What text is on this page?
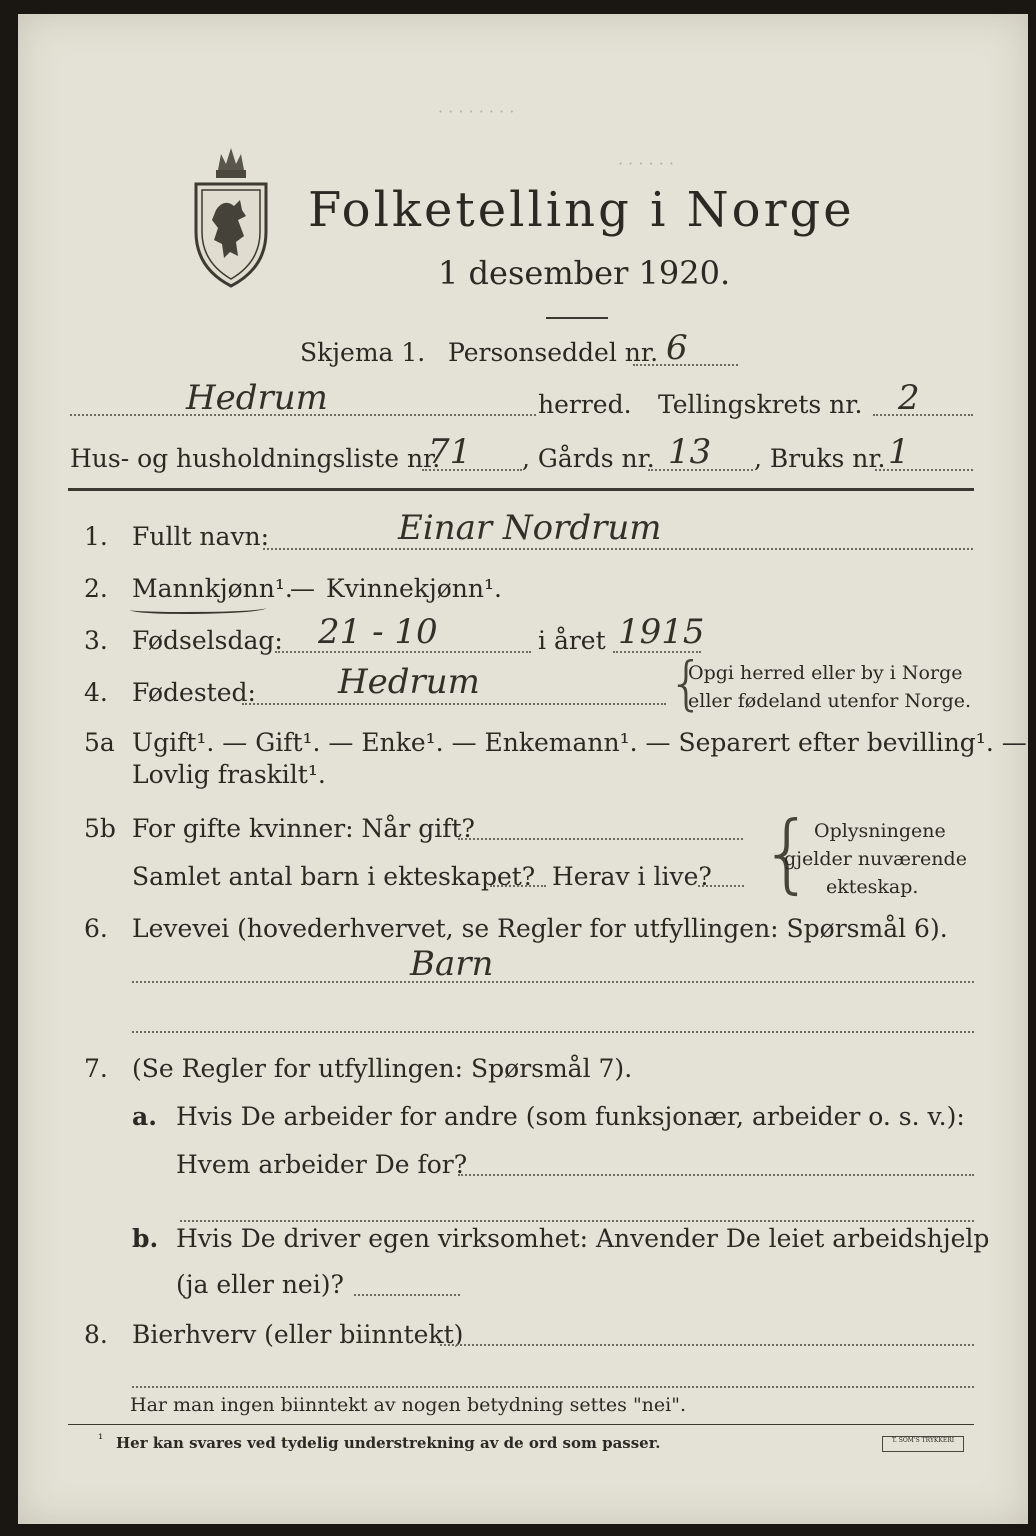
· · · · · · · ·
· · · · · ·
Folketelling i Norge
1 desember 1920.
Skjema 1. Personseddel nr. 6
Hedrum	herred. Tellingskrets nr. 2
Hus- og husholdningsliste nr.
71 , Gårds nr. 13 , Bruks nr. 1
1. Fullt navn:	Einar Nordrum
2. Mannkjønn¹.
— Kvinnekjønn¹.
3. Fødselsdag: 21 - 10	i året 1915
4. Fødested: Hedrum	{
Opgi herred eller by i Norge
eller fødeland utenfor Norge.
5a Ugift¹. — Gift¹. — Enke¹. — Enkemann¹. — Separert efter bevilling¹. —
Lovlig fraskilt¹.
5b For gifte kvinner: Når gift?
Samlet antal barn i ekteskapet? Herav i live? { Oplysningene
gjelder nuværende
ekteskap.
6. Levevei (hovederhvervet, se Regler for utfyllingen: Spørsmål 6).
Barn
7. (Se Regler for utfyllingen: Spørsmål 7).
a. Hvis De arbeider for andre (som funksjonær, arbeider o. s. v.):
Hvem arbeider De for?
b. Hvis De driver egen virksomhet: Anvender De leiet arbeidshjelp
(ja eller nei)?
8. Bierhverv (eller biinntekt)
Har man ingen biinntekt av nogen betydning settes "nei".
¹ Her kan svares ved tydelig understrekning av de ord som passer.	T. SOM'S TRYKKERI
